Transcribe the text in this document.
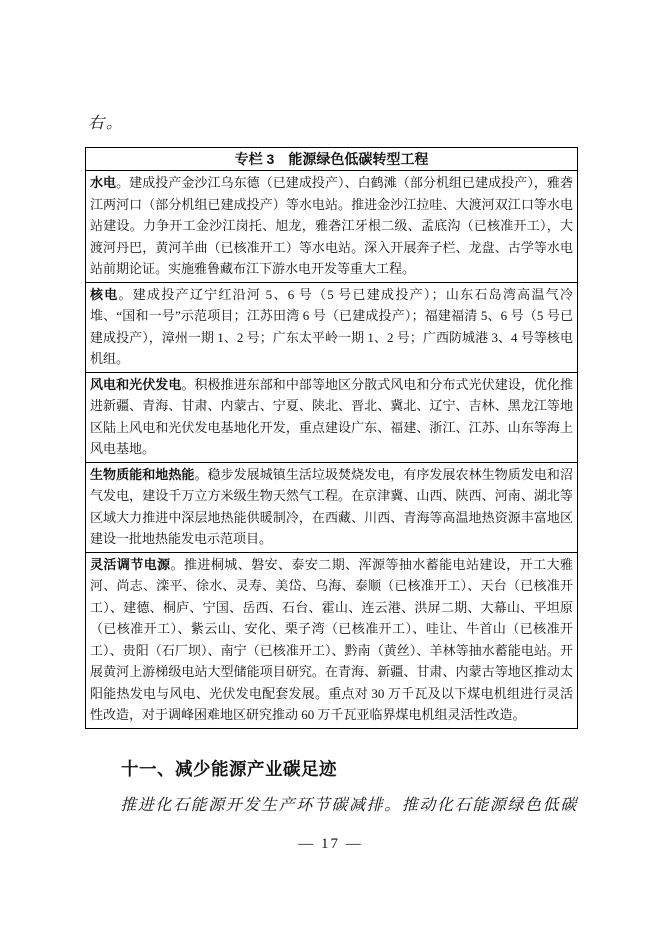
右。
专栏 3　能源绿色低碳转型工程
水电。建成投产金沙江乌东德（已建成投产）、白鹤滩（部分机组已建成投产），雅砻江两河口（部分机组已建成投产）等水电站。推进金沙江拉哇、大渡河双江口等水电站建设。力争开工金沙江岗托、旭龙，雅砻江牙根二级、孟底沟（已核准开工），大渡河丹巴，黄河羊曲（已核准开工）等水电站。深入开展奔子栏、龙盘、古学等水电站前期论证。实施雅鲁藏布江下游水电开发等重大工程。
核电。建成投产辽宁红沿河 5、6 号（5 号已建成投产）；山东石岛湾高温气冷堆、“国和一号”示范项目；江苏田湾 6 号（已建成投产）；福建福清 5、6 号（5 号已建成投产），漳州一期 1、2 号；广东太平岭一期 1、2 号；广西防城港 3、4 号等核电机组。
风电和光伏发电。积极推进东部和中部等地区分散式风电和分布式光伏建设，优化推进新疆、青海、甘肃、内蒙古、宁夏、陕北、晋北、冀北、辽宁、吉林、黑龙江等地区陆上风电和光伏发电基地化开发，重点建设广东、福建、浙江、江苏、山东等海上风电基地。
生物质能和地热能。稳步发展城镇生活垃圾焚烧发电，有序发展农林生物质发电和沼气发电，建设千万立方米级生物天然气工程。在京津冀、山西、陕西、河南、湖北等区域大力推进中深层地热能供暖制冷，在西藏、川西、青海等高温地热资源丰富地区建设一批地热能发电示范项目。
灵活调节电源。推进桐城、磐安、泰安二期、浑源等抽水蓄能电站建设，开工大雅河、尚志、滦平、徐水、灵寿、美岱、乌海、泰顺（已核准开工）、天台（已核准开工）、建德、桐庐、宁国、岳西、石台、霍山、连云港、洪屏二期、大幕山、平坦原（已核准开工）、紫云山、安化、栗子湾（已核准开工）、哇让、牛首山（已核准开工）、贵阳（石厂坝）、南宁（已核准开工）、黔南（黄丝）、羊林等抽水蓄能电站。开展黄河上游梯级电站大型储能项目研究。在青海、新疆、甘肃、内蒙古等地区推动太阳能热发电与风电、光伏发电配套发展。重点对 30 万千瓦及以下煤电机组进行灵活性改造，对于调峰困难地区研究推动 60 万千瓦亚临界煤电机组灵活性改造。
十一、减少能源产业碳足迹
推进化石能源开发生产环节碳减排。推动化石能源绿色低碳
— 17 —
